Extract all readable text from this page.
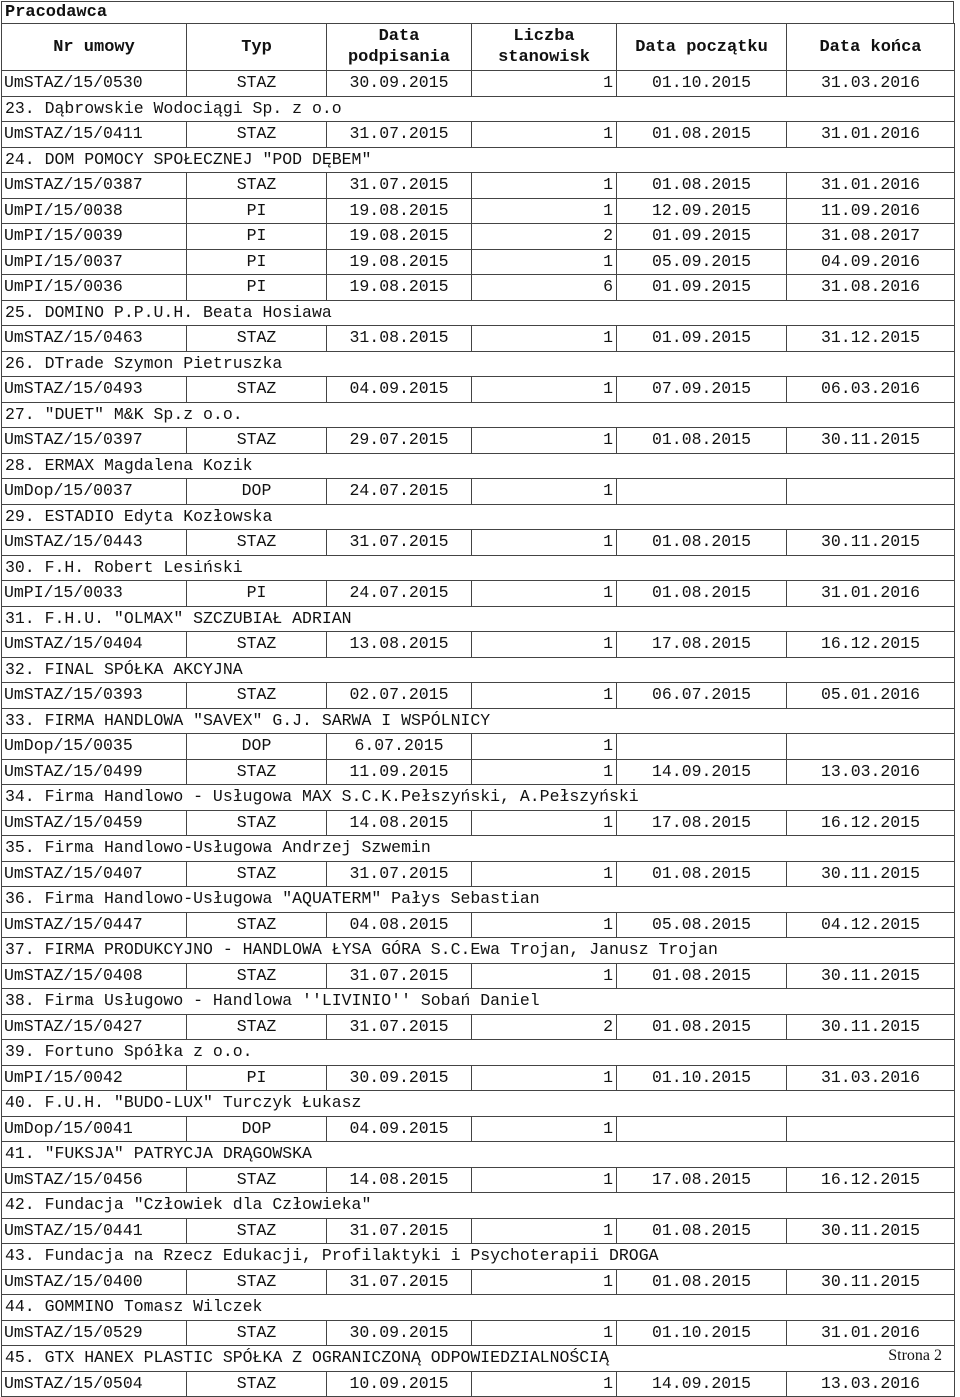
Pracodawca
Nr umowy	Typ	Data podpisania	Liczba stanowisk	Data początku	Data końca
UmSTAZ/15/0530	STAZ	30.09.2015	1	01.10.2015	31.03.2016
23. Dąbrowskie Wodociągi Sp. z o.o					
UmSTAZ/15/0411	STAZ	31.07.2015	1	01.08.2015	31.01.2016
24. DOM POMOCY SPOŁECZNEJ "POD DĘBEM"					
UmSTAZ/15/0387	STAZ	31.07.2015	1	01.08.2015	31.01.2016
UmPI/15/0038	PI	19.08.2015	1	12.09.2015	11.09.2016
UmPI/15/0039	PI	19.08.2015	2	01.09.2015	31.08.2017
UmPI/15/0037	PI	19.08.2015	1	05.09.2015	04.09.2016
UmPI/15/0036	PI	19.08.2015	6	01.09.2015	31.08.2016
25. DOMINO P.P.U.H. Beata Hosiawa					
UmSTAZ/15/0463	STAZ	31.08.2015	1	01.09.2015	31.12.2015
26. DTrade Szymon Pietruszka					
UmSTAZ/15/0493	STAZ	04.09.2015	1	07.09.2015	06.03.2016
27. "DUET" M&K Sp.z o.o.					
UmSTAZ/15/0397	STAZ	29.07.2015	1	01.08.2015	30.11.2015
28. ERMAX Magdalena Kozik					
UmDop/15/0037	DOP	24.07.2015	1		
29. ESTADIO Edyta Kozłowska					
UmSTAZ/15/0443	STAZ	31.07.2015	1	01.08.2015	30.11.2015
30. F.H. Robert Lesiński					
UmPI/15/0033	PI	24.07.2015	1	01.08.2015	31.01.2016
31. F.H.U. "OLMAX" SZCZUBIAŁ ADRIAN					
UmSTAZ/15/0404	STAZ	13.08.2015	1	17.08.2015	16.12.2015
32. FINAL SPÓŁKA AKCYJNA					
UmSTAZ/15/0393	STAZ	02.07.2015	1	06.07.2015	05.01.2016
33. FIRMA HANDLOWA "SAVEX" G.J. SARWA I WSPÓLNICY					
UmDop/15/0035	DOP	6.07.2015	1		
UmSTAZ/15/0499	STAZ	11.09.2015	1	14.09.2015	13.03.2016
34. Firma Handlowo - Usługowa MAX S.C.K.Pełszyński, A.Pełszyński					
UmSTAZ/15/0459	STAZ	14.08.2015	1	17.08.2015	16.12.2015
35. Firma Handlowo-Usługowa Andrzej Szwemin					
UmSTAZ/15/0407	STAZ	31.07.2015	1	01.08.2015	30.11.2015
36. Firma Handlowo-Usługowa "AQUATERM" Pałys Sebastian					
UmSTAZ/15/0447	STAZ	04.08.2015	1	05.08.2015	04.12.2015
37. FIRMA PRODUKCYJNO - HANDLOWA ŁYSA GÓRA S.C.Ewa Trojan, Janusz Trojan					
UmSTAZ/15/0408	STAZ	31.07.2015	1	01.08.2015	30.11.2015
38. Firma Usługowo - Handlowa ''LIVINIO'' Sobań Daniel					
UmSTAZ/15/0427	STAZ	31.07.2015	2	01.08.2015	30.11.2015
39. Fortuno Spółka z o.o.					
UmPI/15/0042	PI	30.09.2015	1	01.10.2015	31.03.2016
40. F.U.H. "BUDO-LUX" Turczyk Łukasz					
UmDop/15/0041	DOP	04.09.2015	1		
41. "FUKSJA" PATRYCJA DRĄGOWSKA					
UmSTAZ/15/0456	STAZ	14.08.2015	1	17.08.2015	16.12.2015
42. Fundacja "Człowiek dla Człowieka"					
UmSTAZ/15/0441	STAZ	31.07.2015	1	01.08.2015	30.11.2015
43. Fundacja na Rzecz Edukacji, Profilaktyki i Psychoterapii DROGA					
UmSTAZ/15/0400	STAZ	31.07.2015	1	01.08.2015	30.11.2015
44. GOMMINO Tomasz Wilczek					
UmSTAZ/15/0529	STAZ	30.09.2015	1	01.10.2015	31.01.2016
45. GTX HANEX PLASTIC SPÓŁKA Z OGRANICZONĄ ODPOWIEDZIALNOŚCIĄ					
UmSTAZ/15/0504	STAZ	10.09.2015	1	14.09.2015	13.03.2016
Strona 2
